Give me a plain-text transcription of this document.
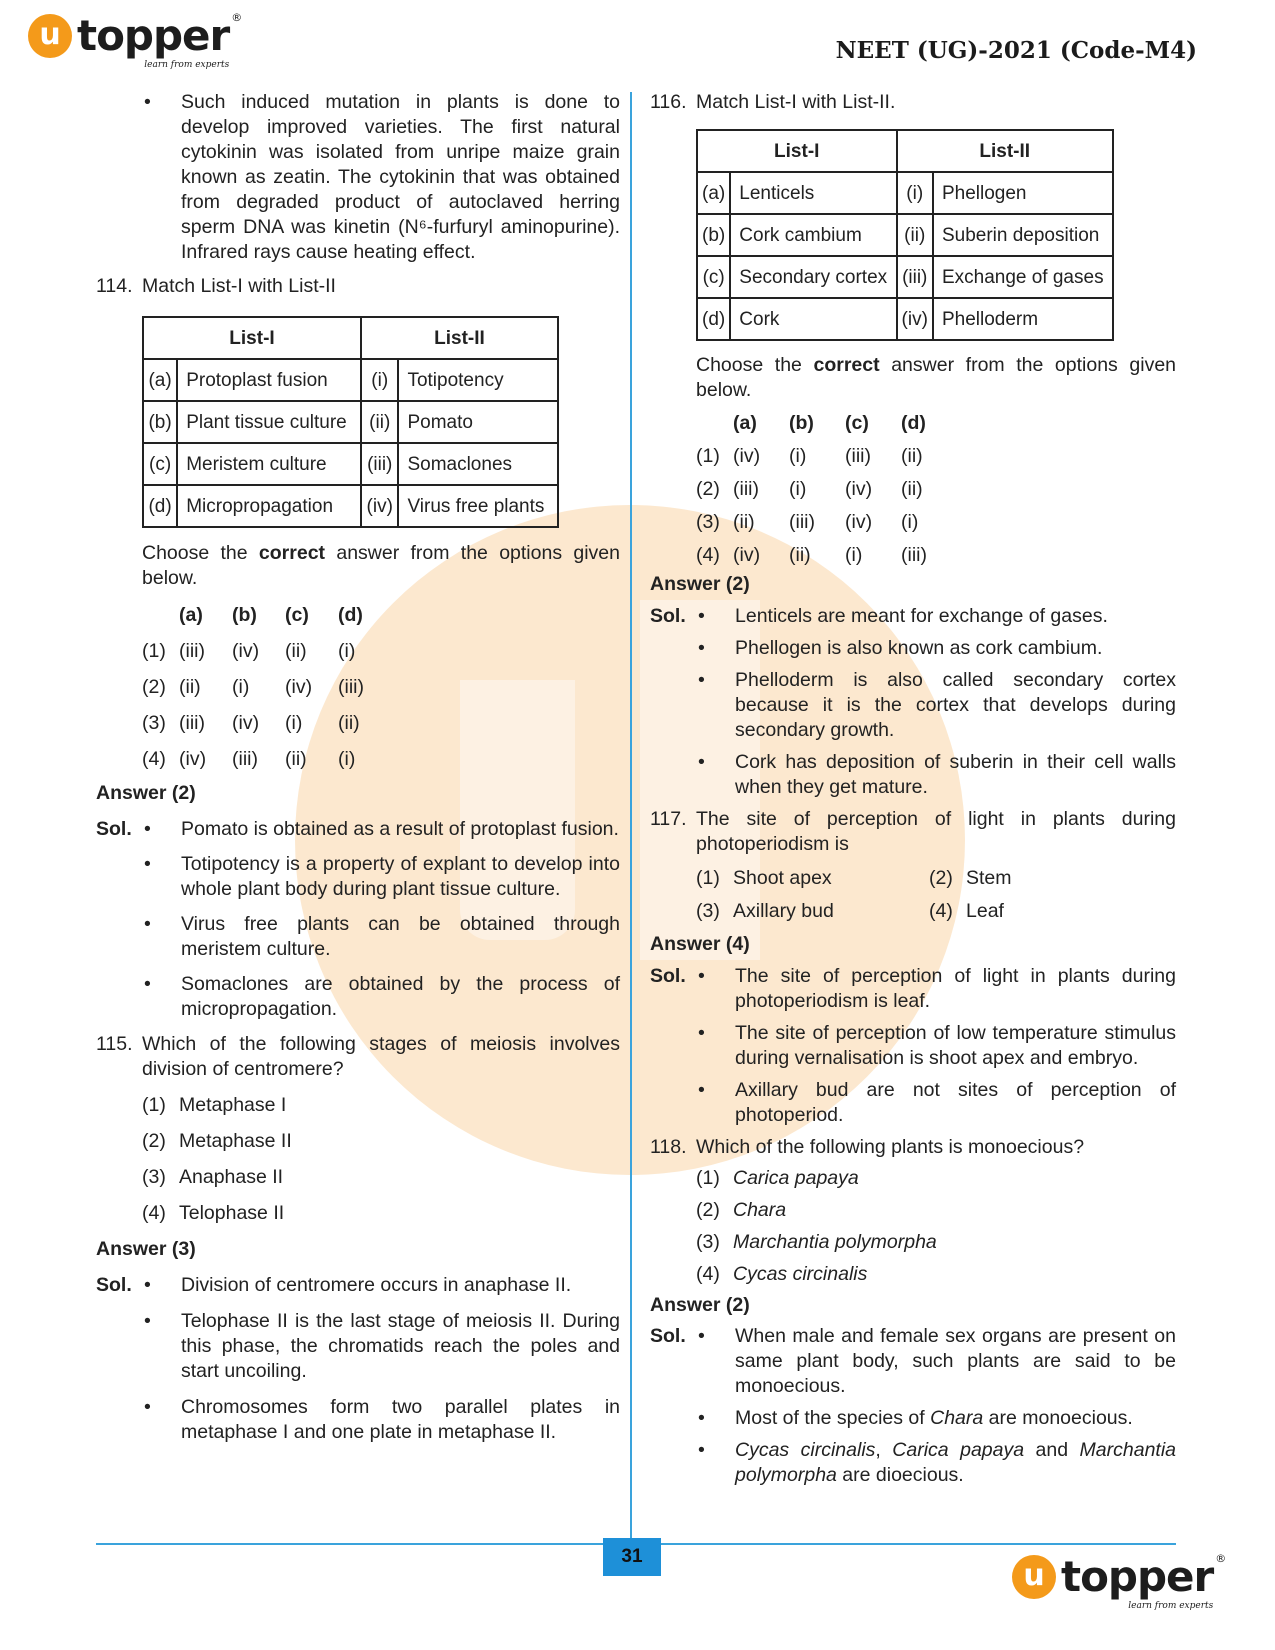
u topper ®
learn from experts
NEET (UG)-2021 (Code-M4)
• Such induced mutation in plants is done to develop improved varieties. The first natural cytokinin was isolated from unripe maize grain known as zeatin. The cytokinin that was obtained from degraded product of autoclaved herring sperm DNA was kinetin (N⁶-furfuryl aminopurine). Infrared rays cause heating effect.

114. Match List-I with List-II

List-I		List-II	
(a)	Protoplast fusion	(i)	Totipotency
(b)	Plant tissue culture	(ii)	Pomato
(c)	Meristem culture	(iii)	Somaclones
(d)	Micropropagation	(iv)	Virus free plants

Choose the correct answer from the options given below.

(a)	(b)	(c)	(d)
(1) (iii)	(iv)	(ii)	(i)
(2) (ii)	(i)	(iv)	(iii)
(3) (iii)	(iv)	(i)	(ii)
(4) (iv)	(iii)	(ii)	(i)

Answer (2)

Sol. • Pomato is obtained as a result of protoplast fusion.

• Totipotency is a property of explant to develop into whole plant body during plant tissue culture.

• Virus free plants can be obtained through meristem culture.

• Somaclones are obtained by the process of micropropagation.

115. Which of the following stages of meiosis involves division of centromere?

(1) Metaphase I
(2) Metaphase II
(3) Anaphase II
(4) Telophase II

Answer (3)

Sol. • Division of centromere occurs in anaphase II.

• Telophase II is the last stage of meiosis II. During this phase, the chromatids reach the poles and start uncoiling.

• Chromosomes form two parallel plates in metaphase I and one plate in metaphase II.

116. Match List-I with List-II.

List-I		List-II	
(a)	Lenticels	(i)	Phellogen
(b)	Cork cambium	(ii)	Suberin deposition
(c)	Secondary cortex	(iii)	Exchange of gases
(d)	Cork	(iv)	Phelloderm

Choose the correct answer from the options given below.

(a)	(b)	(c)	(d)
(1) (iv)	(i)	(iii)	(ii)
(2) (iii)	(i)	(iv)	(ii)
(3) (ii)	(iii)	(iv)	(i)
(4) (iv)	(ii)	(i)	(iii)

Answer (2)

Sol. • Lenticels are meant for exchange of gases.

• Phellogen is also known as cork cambium.

• Phelloderm is also called secondary cortex because it is the cortex that develops during secondary growth.

• Cork has deposition of suberin in their cell walls when they get mature.

117. The site of perception of light in plants during photoperiodism is

(1) Shoot apex	(2) Stem
(3) Axillary bud	(4) Leaf

Answer (4)

Sol. • The site of perception of light in plants during photoperiodism is leaf.

• The site of perception of low temperature stimulus during vernalisation is shoot apex and embryo.

• Axillary bud are not sites of perception of photoperiod.

118. Which of the following plants is monoecious?

(1) Carica papaya
(2) Chara
(3) Marchantia polymorpha
(4) Cycas circinalis

Answer (2)

Sol. • When male and female sex organs are present on same plant body, such plants are said to be monoecious.

• Most of the species of Chara are monoecious.

• Cycas circinalis, Carica papaya and Marchantia polymorpha are dioecious.

31
u topper ®
learn from experts
